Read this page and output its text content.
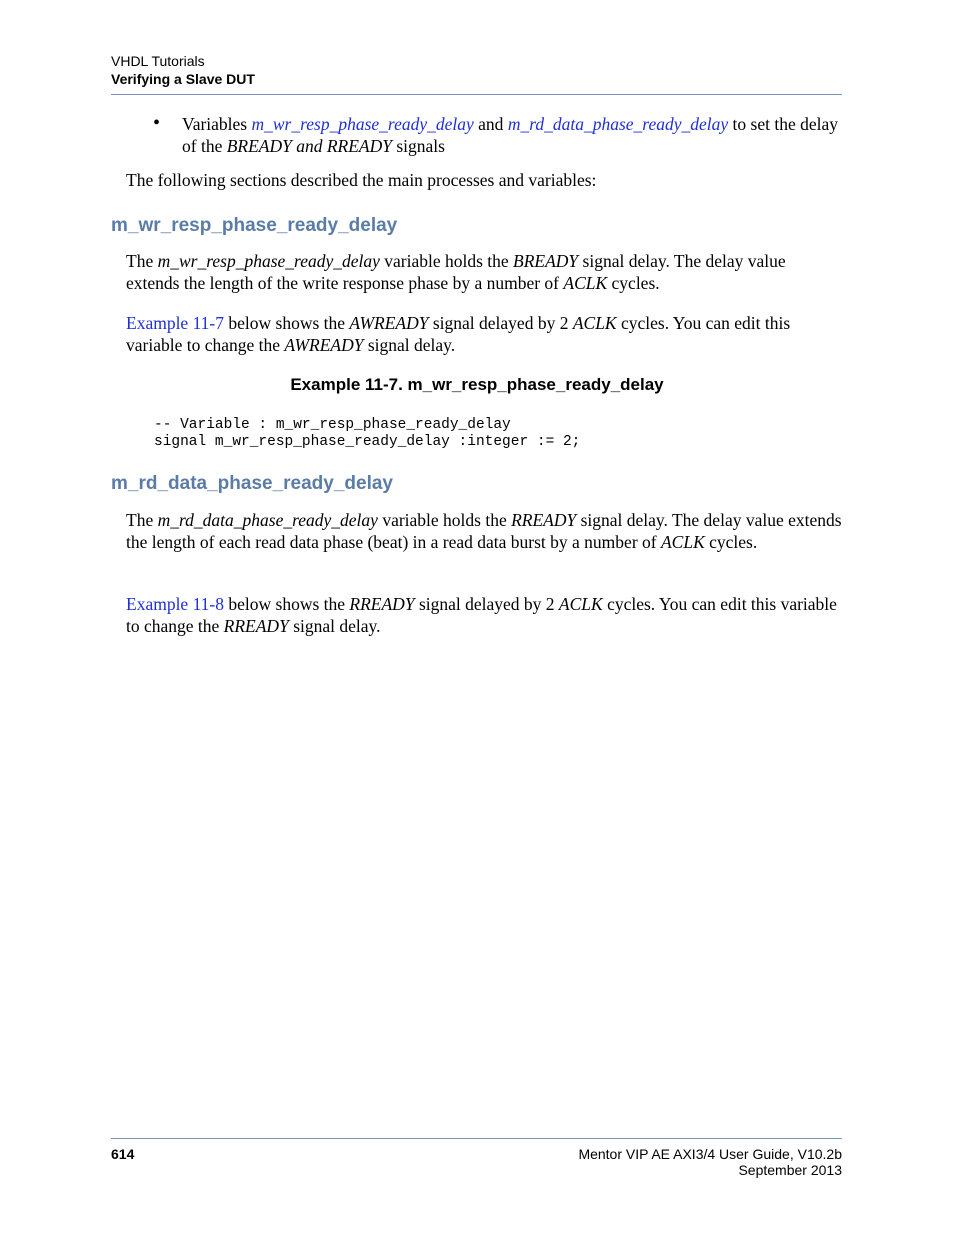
VHDL Tutorials
Verifying a Slave DUT
• Variables m_wr_resp_phase_ready_delay and m_rd_data_phase_ready_delay to set the delay of the BREADY and RREADY signals
The following sections described the main processes and variables:
m_wr_resp_phase_ready_delay
The m_wr_resp_phase_ready_delay variable holds the BREADY signal delay. The delay value extends the length of the write response phase by a number of ACLK cycles.
Example 11-7 below shows the AWREADY signal delayed by 2 ACLK cycles. You can edit this variable to change the AWREADY signal delay.
Example 11-7. m_wr_resp_phase_ready_delay
-- Variable : m_wr_resp_phase_ready_delay
signal m_wr_resp_phase_ready_delay :integer := 2;
m_rd_data_phase_ready_delay
The m_rd_data_phase_ready_delay variable holds the RREADY signal delay. The delay value extends the length of each read data phase (beat) in a read data burst by a number of ACLK cycles.
Example 11-8 below shows the RREADY signal delayed by 2 ACLK cycles. You can edit this variable to change the RREADY signal delay.
614	Mentor VIP AE AXI3/4 User Guide, V10.2b
September 2013
